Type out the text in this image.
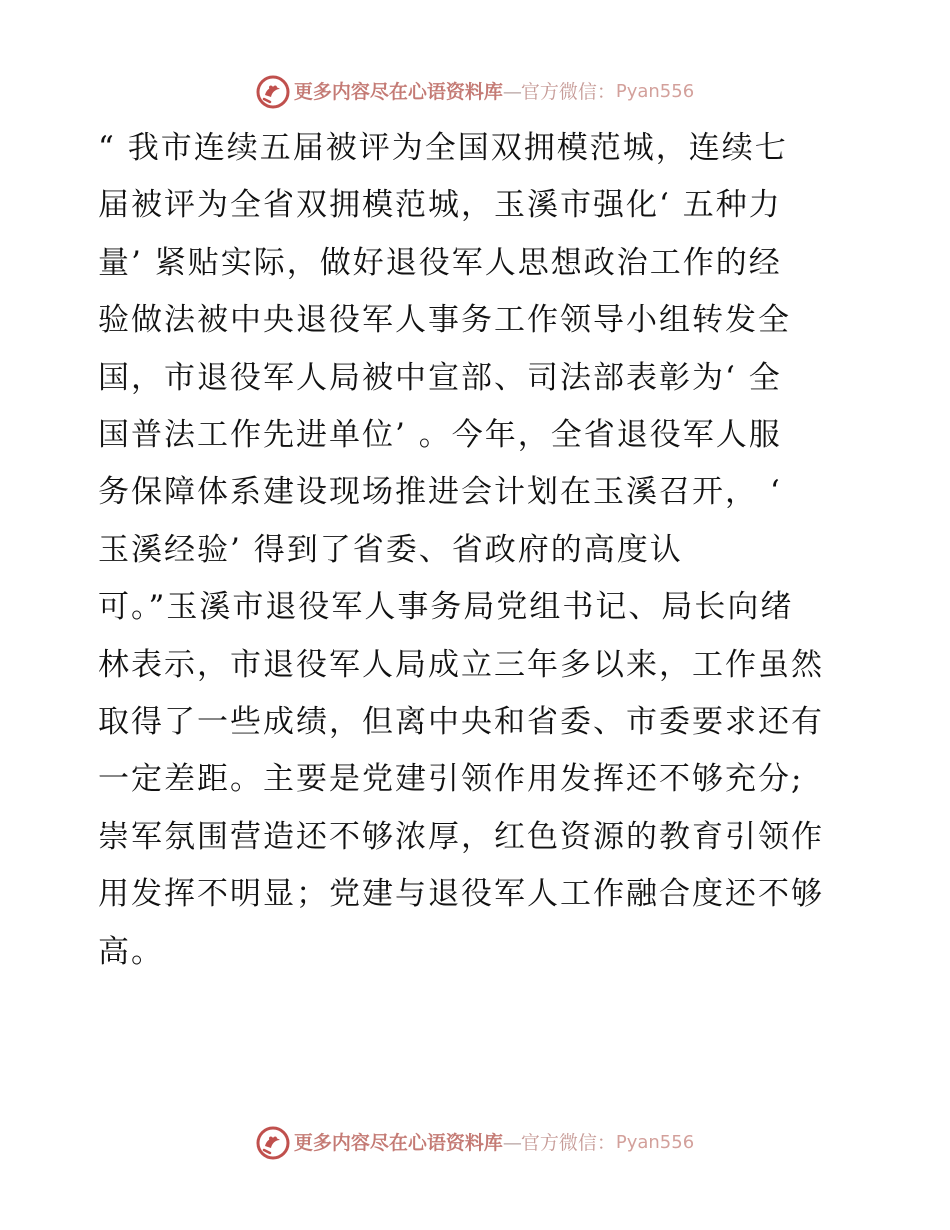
更多内容尽在心语资料库 — 官方微信： Pyan556
“ 我市连续五届被评为全国双拥模范城，连续七
届被评为全省双拥模范城，玉溪市强化‘ 五种力
量’ 紧贴实际，做好退役军人思想政治工作的经
验做法被中央退役军人事务工作领导小组转发全
国，市退役军人局被中宣部、司法部表彰为‘ 全
国普法工作先进单位’ 。今年，全省退役军人服
务保障体系建设现场推进会计划在玉溪召开， ‘
玉溪经验’ 得到了省委、省政府的高度认
可。”玉溪市退役军人事务局党组书记、局长向绪
林表示，市退役军人局成立三年多以来，工作虽然
取得了一些成绩，但离中央和省委、市委要求还有
一定差距。主要是党建引领作用发挥还不够充分;
崇军氛围营造还不够浓厚，红色资源的教育引领作
用发挥不明显；党建与退役军人工作融合度还不够
高。
更多内容尽在心语资料库 — 官方微信： Pyan556
